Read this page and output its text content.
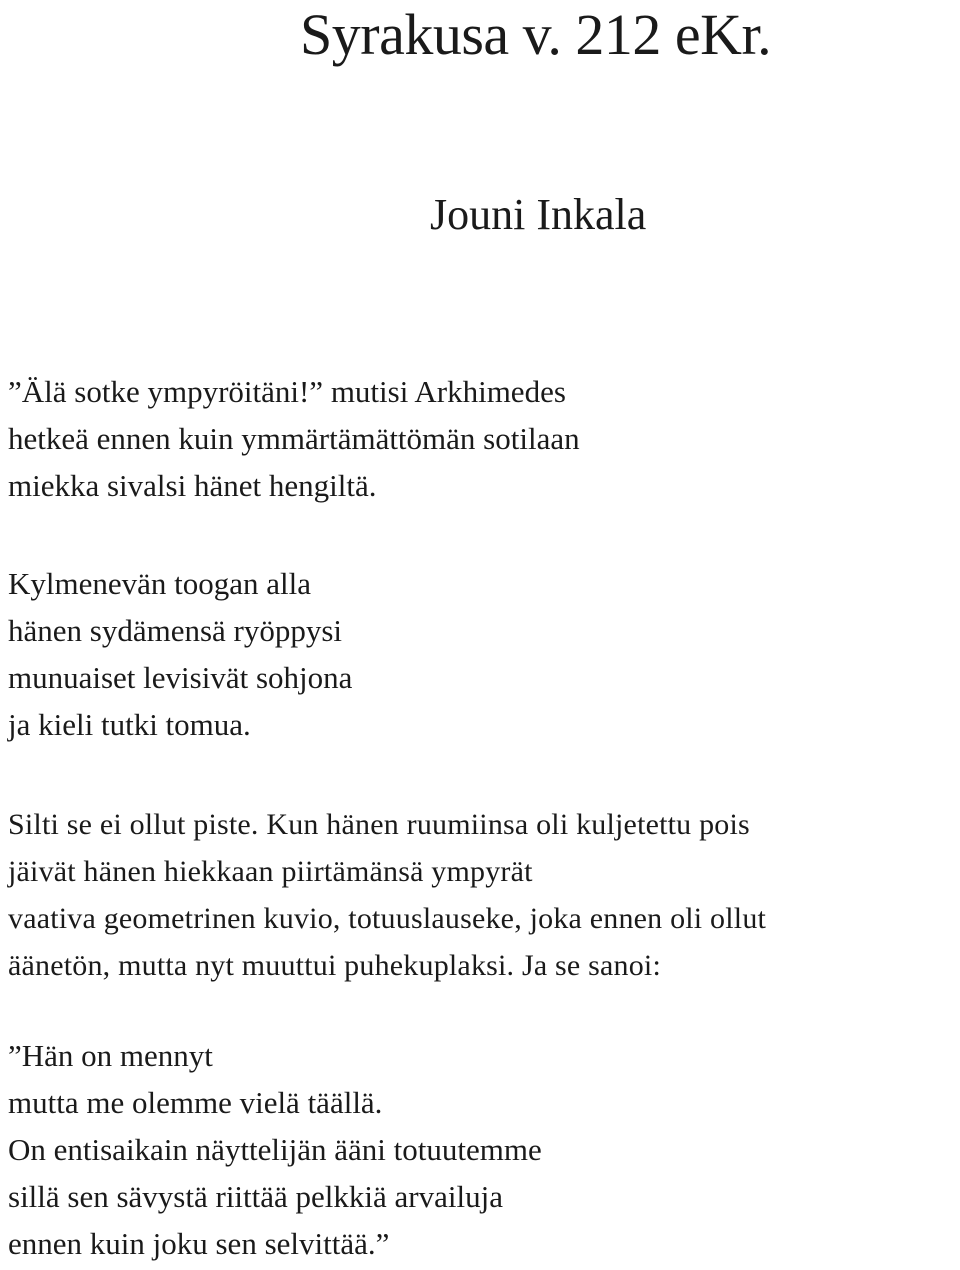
Syrakusa v. 212 eKr.
Jouni Inkala
”Älä sotke ympyröitäni!” mutisi Arkhimedes
hetkeä ennen kuin ymmärtämättömän sotilaan
miekka sivalsi hänet hengiltä.
Kylmenevän toogan alla
hänen sydämensä ryöppysi
munuaiset levisivät sohjona
ja kieli tutki tomua.
Silti se ei ollut piste. Kun hänen ruumiinsa oli kuljetettu pois
jäivät hänen hiekkaan piirtämänsä ympyrät
vaativa geometrinen kuvio, totuuslauseke, joka ennen oli ollut
äänetön, mutta nyt muuttui puhekuplaksi. Ja se sanoi:
”Hän on mennyt
mutta me olemme vielä täällä.
On entisaikain näyttelijän ääni totuutemme
sillä sen sävystä riittää pelkkiä arvailuja
ennen kuin joku sen selvittää.”
